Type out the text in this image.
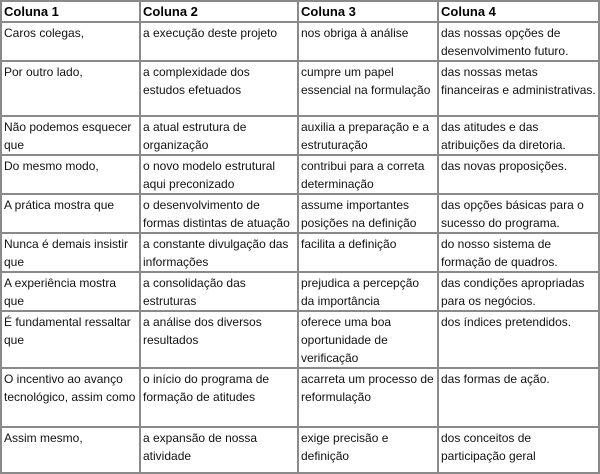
Coluna 1	Coluna 2	Coluna 3	Coluna 4
Caros colegas,	a execução deste projeto	nos obriga à análise	das nossas opções de desenvolvimento futuro.
Por outro lado,	a complexidade dos estudos efetuados	cumpre um papel essencial na formulação	das nossas metas financeiras e administrativas.
Não podemos esquecer que	a atual estrutura de organização	auxilia a preparação e a estruturação	das atitudes e das atribuições da diretoria.
Do mesmo modo,	o novo modelo estrutural aqui preconizado	contribui para a correta determinação	das novas proposições.
A prática mostra que	o desenvolvimento de formas distintas de atuação	assume importantes posições na definição	das opções básicas para o sucesso do programa.
Nunca é demais insistir que	a constante divulgação das informações	facilita a definição	do nosso sistema de formação de quadros.
A experiência mostra que	a consolidação das estruturas	prejudica a percepção da importância	das condições apropriadas para os negócios.
É fundamental ressaltar que	a análise dos diversos resultados	oferece uma boa oportunidade de verificação	dos índices pretendidos.
O incentivo ao avanço tecnológico, assim como	o início do programa de formação de atitudes	acarreta um processo de reformulação	das formas de ação.
Assim mesmo,	a expansão de nossa atividade	exige precisão e definição	dos conceitos de participação geral
